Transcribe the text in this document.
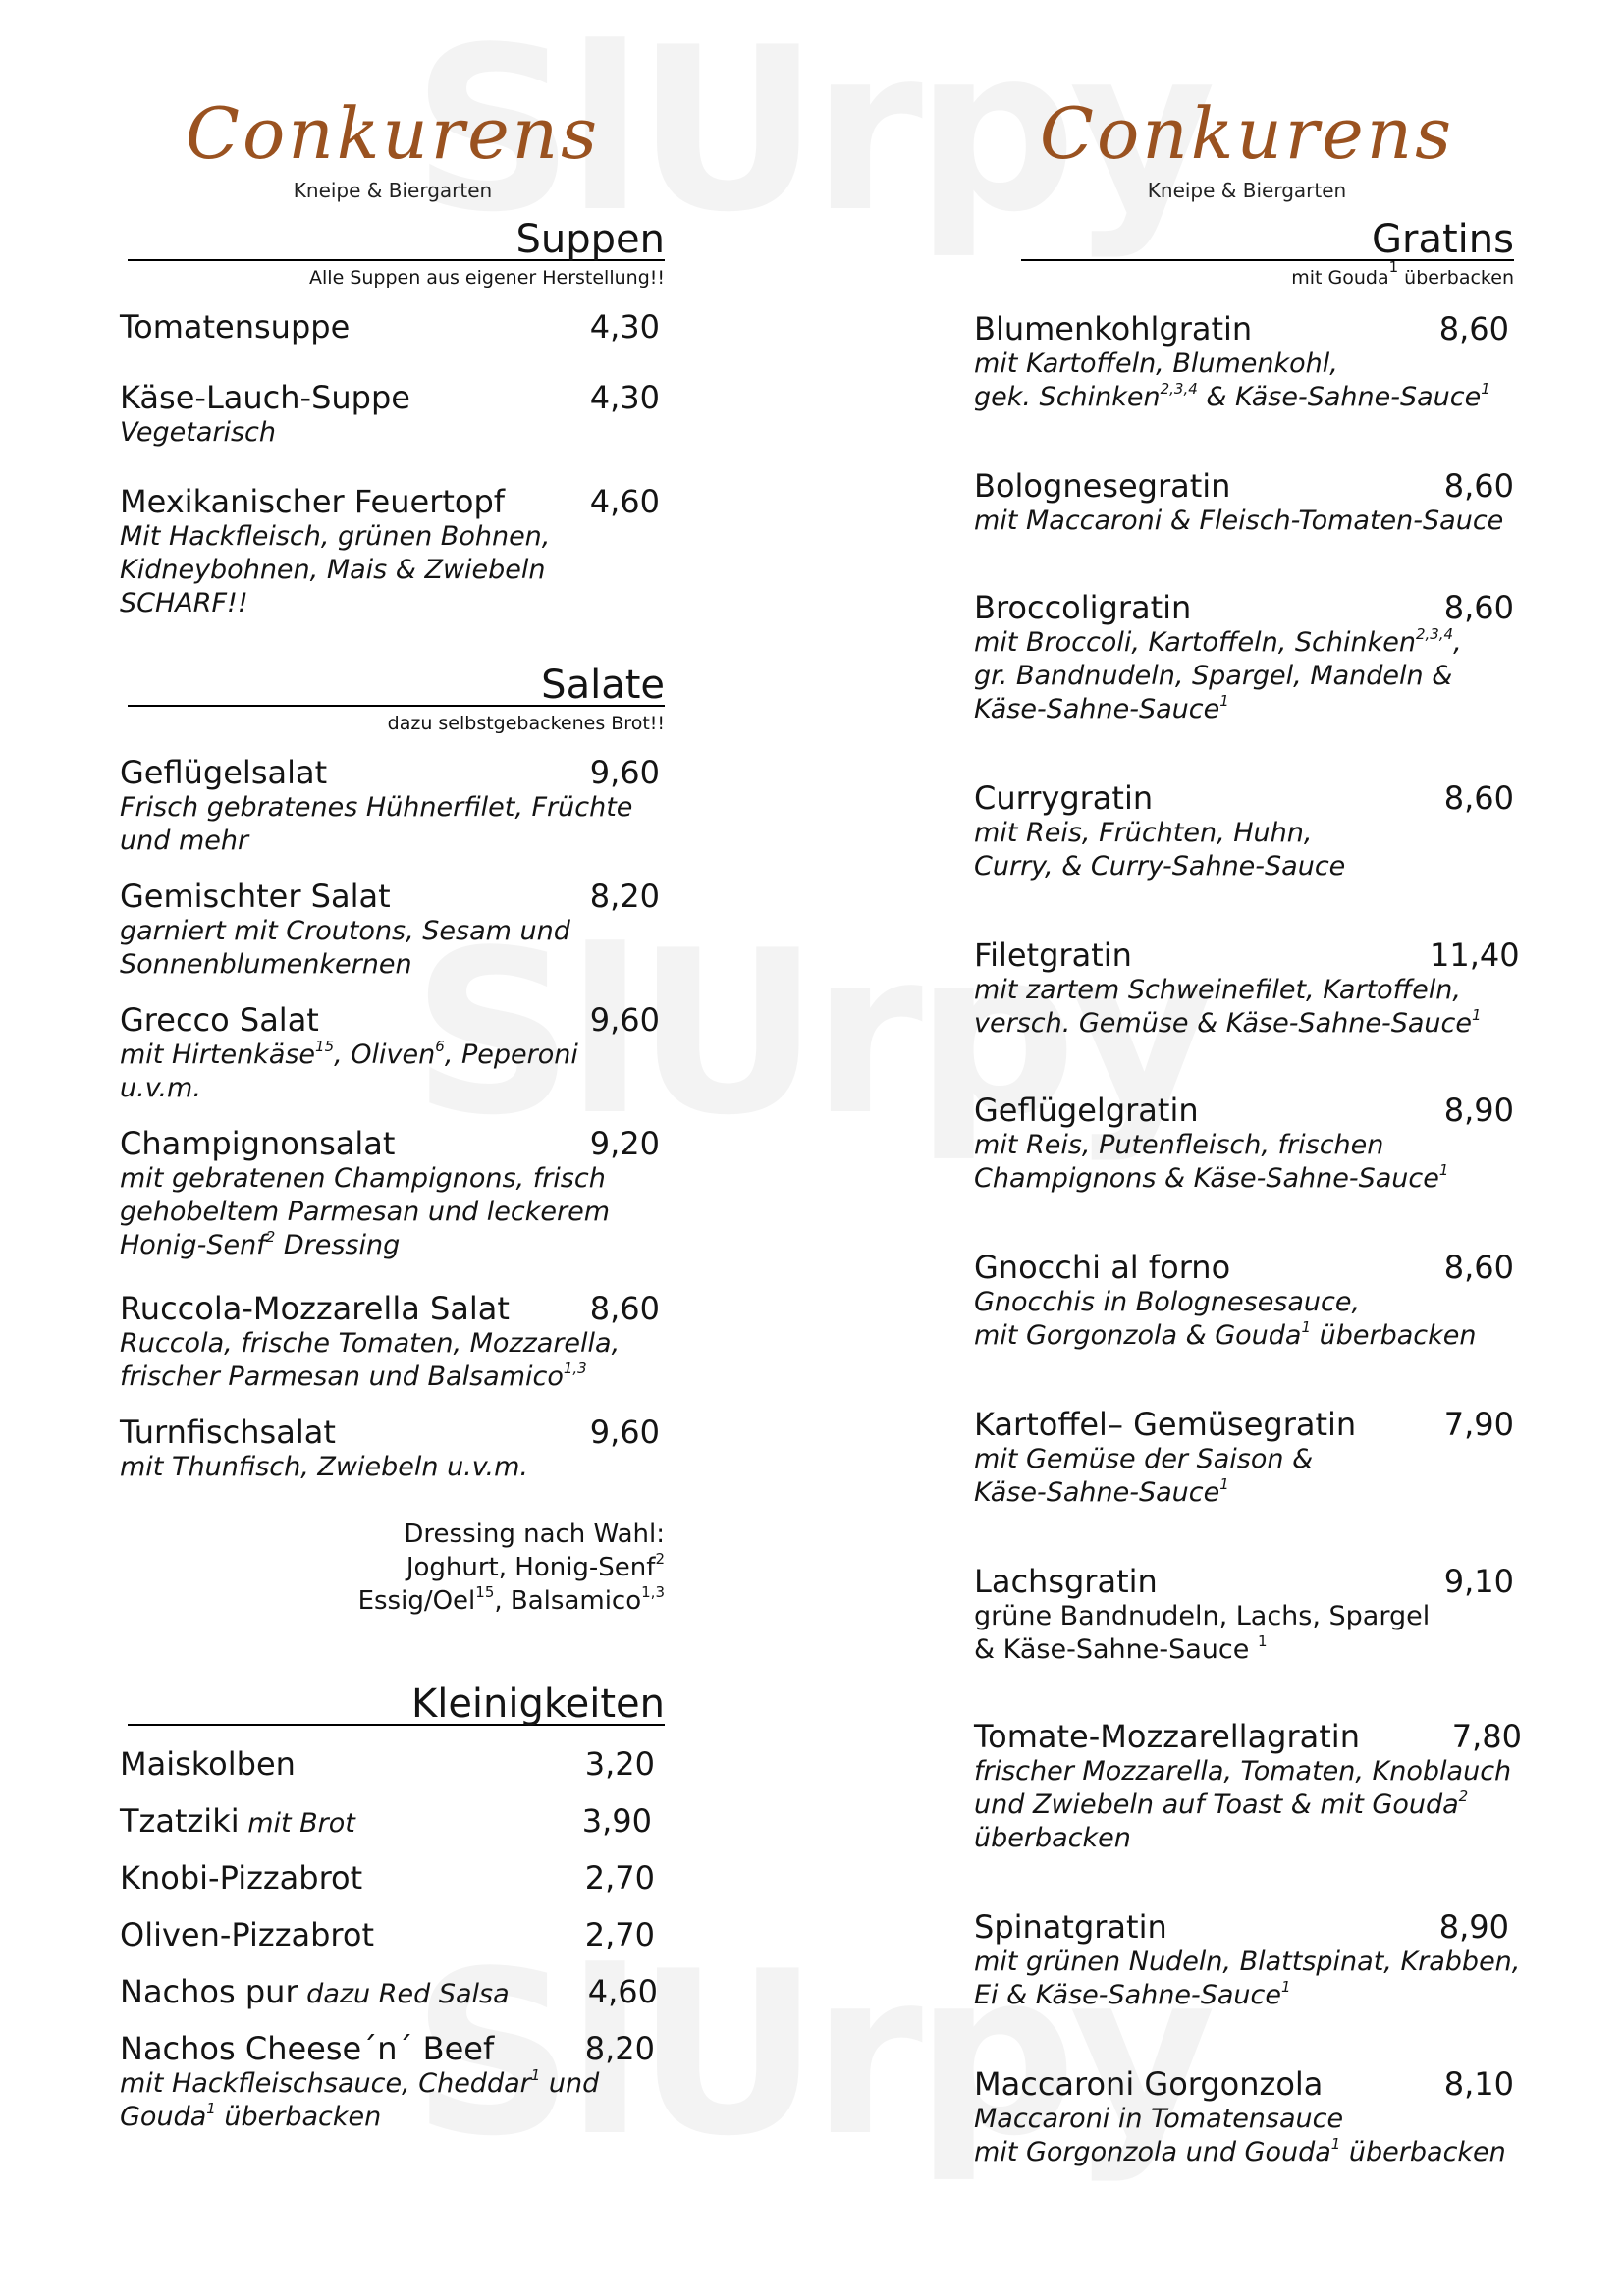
Conkurens
Kneipe & Biergarten
Suppen
Alle Suppen aus eigener Herstellung!!
Tomatensuppe	4,30
Käse-Lauch-Suppe	4,30
Vegetarisch
Mexikanischer Feuertopf	4,60
Mit Hackfleisch, grünen Bohnen,
Kidneybohnen, Mais & Zwiebeln
SCHARF!!
Salate
dazu selbstgebackenes Brot!!
Geflügelsalat	9,60
Frisch gebratenes Hühnerfilet, Früchte
und mehr
Gemischter Salat	8,20
garniert mit Croutons, Sesam und
Sonnenblumenkernen
Grecco Salat	9,60
mit Hirtenkäse$^{15}$, Oliven$^6$, Peperoni
u.v.m.
Champignonsalat	9,20
mit gebratenen Champignons, frisch
gehobeltem Parmesan und leckerem
Honig-Senf$^2$ Dressing
Ruccola-Mozzarella Salat	8,60
Ruccola, frische Tomaten, Mozzarella,
frischer Parmesan und Balsamico$^{1,3}$
Turnfischsalat	9,60
mit Thunfisch, Zwiebeln u.v.m.
Dressing nach Wahl:
Joghurt, Honig-Senf$^2$
Essig/Oel$^{15}$, Balsamico$^{1,3}$
Kleinigkeiten
Maiskolben	3,20
Tzatziki mit Brot	3,90
Knobi-Pizzabrot	2,70
Oliven-Pizzabrot	2,70
Nachos pur dazu Red Salsa	4,60
Nachos Cheese´n´ Beef	8,20
mit Hackfleischsauce, Cheddar$^1$ und
Gouda$^1$ überbacken
Conkurens
Kneipe & Biergarten
Gratins
mit Gouda$^1$ überbacken
Blumenkohlgratin	8,60
mit Kartoffeln, Blumenkohl,
gek. Schinken$^{2,3,4}$ & Käse-Sahne-Sauce$^1$
Bolognesegratin	8,60
mit Maccaroni & Fleisch-Tomaten-Sauce
Broccoligratin	8,60
mit Broccoli, Kartoffeln, Schinken$^{2,3,4}$,
gr. Bandnudeln, Spargel, Mandeln &
Käse-Sahne-Sauce$^1$
Currygratin	8,60
mit Reis, Früchten, Huhn,
Curry, & Curry-Sahne-Sauce
Filetgratin	11,40
mit zartem Schweinefilet, Kartoffeln,
versch. Gemüse & Käse-Sahne-Sauce$^1$
Geflügelgratin	8,90
mit Reis, Putenfleisch, frischen
Champignons & Käse-Sahne-Sauce$^1$
Gnocchi al forno	8,60
Gnocchis in Bolognesesauce,
mit Gorgonzola & Gouda$^1$ überbacken
Kartoffel– Gemüsegratin	7,90
mit Gemüse der Saison &
Käse-Sahne-Sauce$^1$
Lachsgratin	9,10
grüne Bandnudeln, Lachs, Spargel
& Käse-Sahne-Sauce $^1$
Tomate-Mozzarellagratin	7,80
frischer Mozzarella, Tomaten, Knoblauch
und Zwiebeln auf Toast & mit Gouda$^2$
überbacken
Spinatgratin	8,90
mit grünen Nudeln, Blattspinat, Krabben,
Ei & Käse-Sahne-Sauce$^1$
Maccaroni Gorgonzola	8,10
Maccaroni in Tomatensauce
mit Gorgonzola und Gouda$^1$ überbacken
